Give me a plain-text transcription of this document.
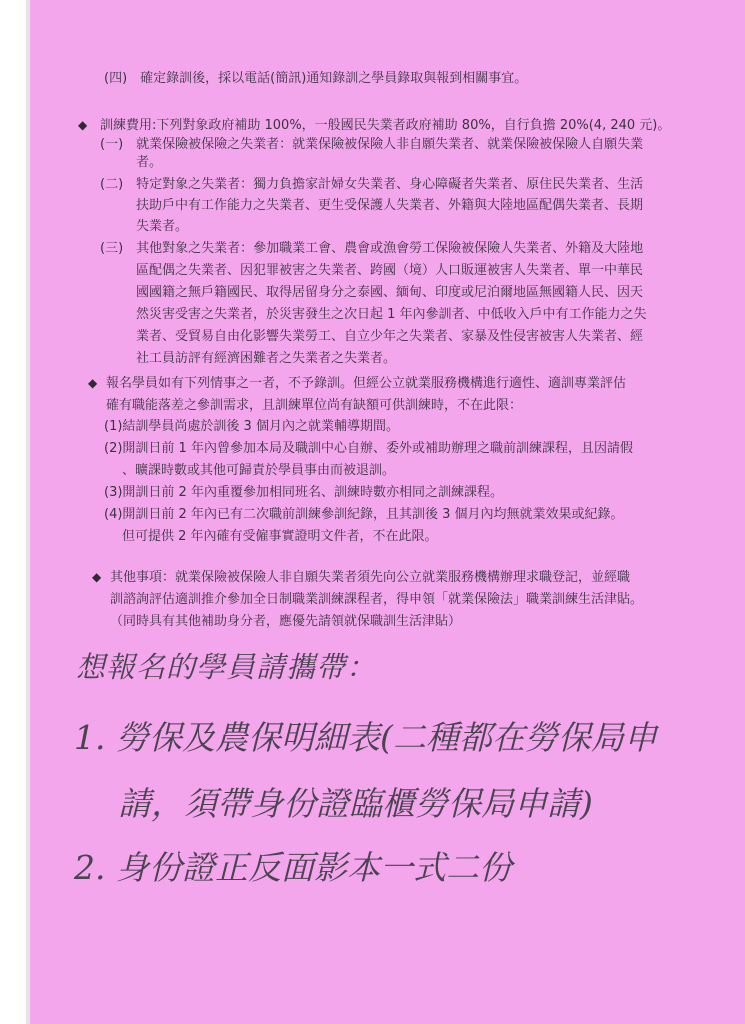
(四)　確定錄訓後，採以電話(簡訊)通知錄訓之學員錄取與報到相關事宜。
◆ 訓練費用:下列對象政府補助 100%，一般國民失業者政府補助 80%，自行負擔 20%(4, 240 元)。
(一)　就業保險被保險之失業者：就業保險被保險人非自願失業者、就業保險被保險人自願失業
者。
(二)　特定對象之失業者：獨力負擔家計婦女失業者、身心障礙者失業者、原住民失業者、生活
扶助戶中有工作能力之失業者、更生受保護人失業者、外籍與大陸地區配偶失業者、長期
失業者。
(三)　其他對象之失業者：參加職業工會、農會或漁會勞工保險被保險人失業者、外籍及大陸地
區配偶之失業者、因犯罪被害之失業者、跨國（境）人口販運被害人失業者、單一中華民
國國籍之無戶籍國民、取得居留身分之泰國、緬甸、印度或尼泊爾地區無國籍人民、因天
然災害受害之失業者，於災害發生之次日起 1 年內參訓者、中低收入戶中有工作能力之失
業者、受貿易自由化影響失業勞工、自立少年之失業者、家暴及性侵害被害人失業者、經
社工員訪評有經濟困難者之失業者之失業者。
◆ 報名學員如有下列情事之一者，不予錄訓。但經公立就業服務機構進行適性、適訓專業評估
確有職能落差之參訓需求，且訓練單位尚有缺額可供訓練時，不在此限：
(1)結訓學員尚處於訓後 3 個月內之就業輔導期間。
(2)開訓日前 1 年內曾參加本局及職訓中心自辦、委外或補助辦理之職前訓練課程，且因請假
、曠課時數或其他可歸責於學員事由而被退訓。
(3)開訓日前 2 年內重覆參加相同班名、訓練時數亦相同之訓練課程。
(4)開訓日前 2 年內已有二次職前訓練參訓紀錄，且其訓後 3 個月內均無就業效果或紀錄。
但可提供 2 年內確有受僱事實證明文件者，不在此限。
◆ 其他事項：就業保險被保險人非自願失業者須先向公立就業服務機構辦理求職登記，並經職
訓諮詢評估適訓推介參加全日制職業訓練課程者，得申領「就業保險法」職業訓練生活津貼。
（同時具有其他補助身分者，應優先請領就保職訓生活津貼）
想報名的學員請攜帶：
1. 勞保及農保明細表(二種都在勞保局申
請，須帶身份證臨櫃勞保局申請)
2. 身份證正反面影本一式二份
